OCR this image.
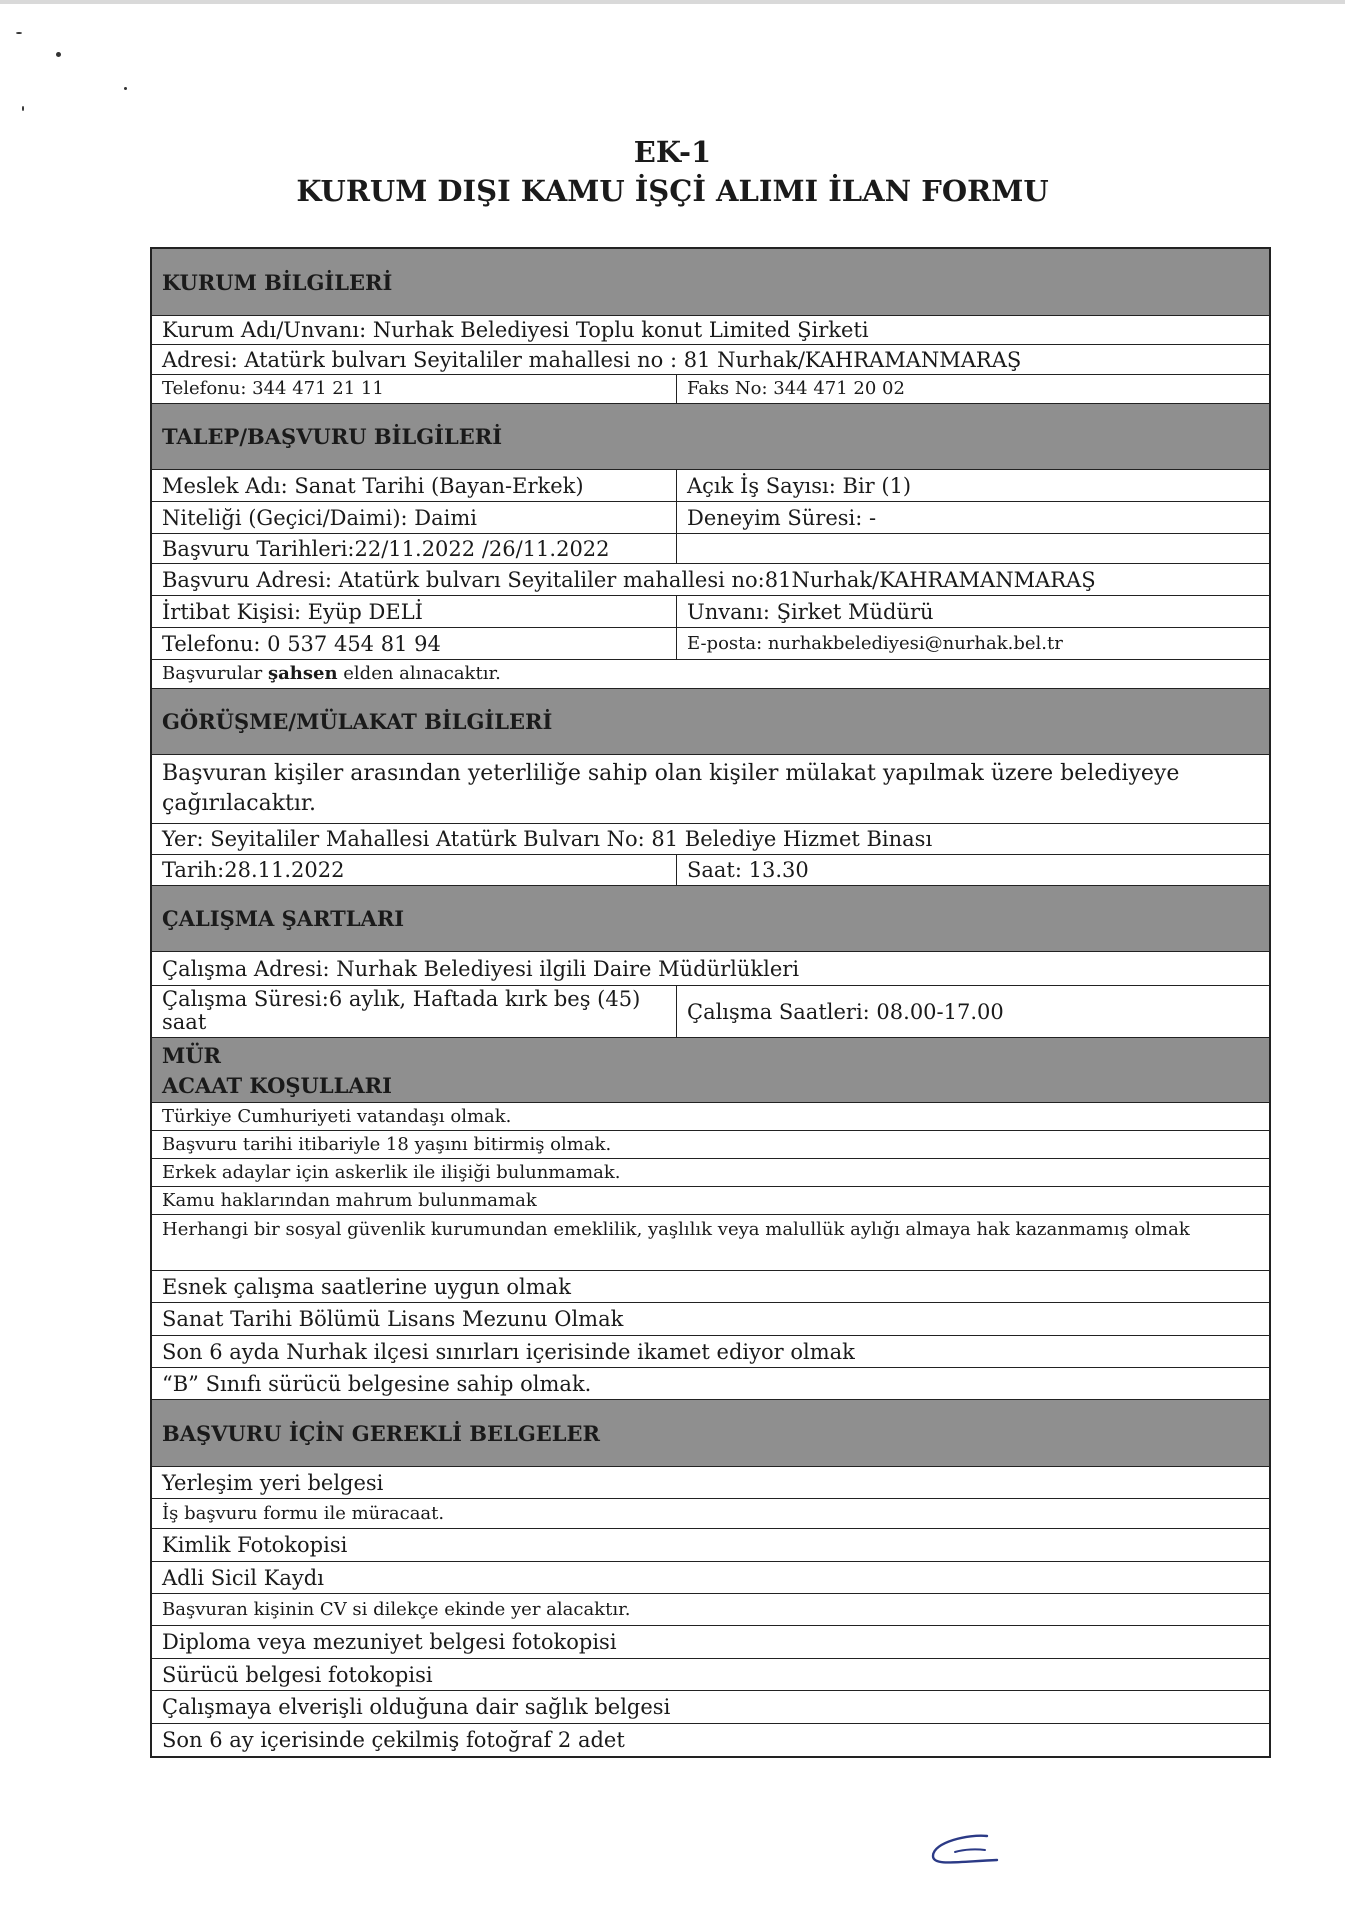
EK-1
KURUM DIŞI KAMU İŞÇİ ALIMI İLAN FORMU
KURUM BİLGİLERİ
Kurum Adı/Unvanı: Nurhak Belediyesi Toplu konut Limited Şirketi
Adresi: Atatürk bulvarı Seyitaliler mahallesi no : 81 Nurhak/KAHRAMANMARAŞ
Telefonu: 344 471 21 11	Faks No: 344 471 20 02
TALEP/BAŞVURU BİLGİLERİ
Meslek Adı: Sanat Tarihi (Bayan-Erkek)	Açık İş Sayısı: Bir (1)
Niteliği (Geçici/Daimi): Daimi	Deneyim Süresi: -
Başvuru Tarihleri:22/11.2022 /26/11.2022
Başvuru Adresi: Atatürk bulvarı Seyitaliler mahallesi no:81Nurhak/KAHRAMANMARAŞ
İrtibat Kişisi: Eyüp DELİ	Unvanı: Şirket Müdürü
Telefonu: 0 537 454 81 94	E-posta: nurhakbelediyesi@nurhak.bel.tr
Başvurular şahsen elden alınacaktır.
GÖRÜŞME/MÜLAKAT BİLGİLERİ
Başvuran kişiler arasından yeterliliğe sahip olan kişiler mülakat yapılmak üzere belediyeye çağırılacaktır.
Yer: Seyitaliler Mahallesi Atatürk Bulvarı No: 81 Belediye Hizmet Binası
Tarih:28.11.2022	Saat: 13.30
ÇALIŞMA ŞARTLARI
Çalışma Adresi: Nurhak Belediyesi ilgili Daire Müdürlükleri
Çalışma Süresi:6 aylık, Haftada kırk beş (45) saat	Çalışma Saatleri: 08.00-17.00
MÜR
ACAAT KOŞULLARI
Türkiye Cumhuriyeti vatandaşı olmak.
Başvuru tarihi itibariyle 18 yaşını bitirmiş olmak.
Erkek adaylar için askerlik ile ilişiği bulunmamak.
Kamu haklarından mahrum bulunmamak
Herhangi bir sosyal güvenlik kurumundan emeklilik, yaşlılık veya malullük aylığı almaya hak kazanmamış olmak
Esnek çalışma saatlerine uygun olmak
Sanat Tarihi Bölümü Lisans Mezunu Olmak
Son 6 ayda Nurhak ilçesi sınırları içerisinde ikamet ediyor olmak
“B” Sınıfı sürücü belgesine sahip olmak.
BAŞVURU İÇİN GEREKLİ BELGELER
Yerleşim yeri belgesi
İş başvuru formu ile müracaat.
Kimlik Fotokopisi
Adli Sicil Kaydı
Başvuran kişinin CV si dilekçe ekinde yer alacaktır.
Diploma veya mezuniyet belgesi fotokopisi
Sürücü belgesi fotokopisi
Çalışmaya elverişli olduğuna dair sağlık belgesi
Son 6 ay içerisinde çekilmiş fotoğraf 2 adet
